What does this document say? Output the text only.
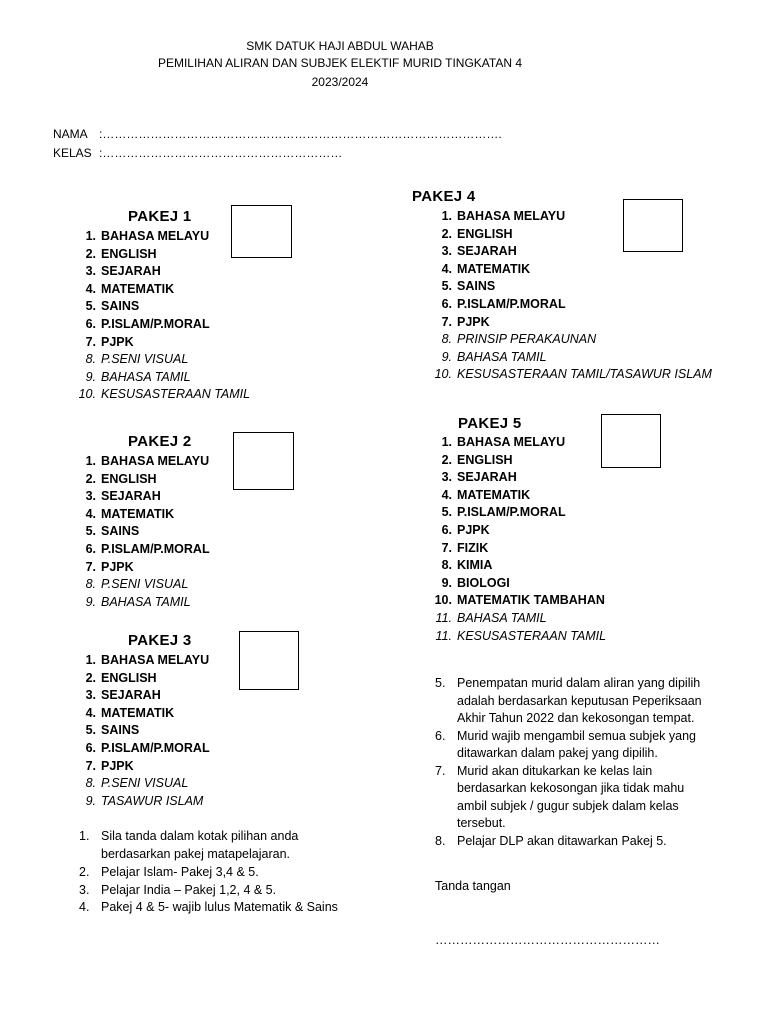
SMK DATUK HAJI ABDUL WAHAB
PEMILIHAN ALIRAN DAN SUBJEK ELEKTIF MURID TINGKATAN 4
2023/2024
NAMA :……………………………………………………………………………………….
KELAS :……………………………………………………
PAKEJ 1
1. BAHASA MELAYU
2. ENGLISH
3. SEJARAH
4. MATEMATIK
5. SAINS
6. P.ISLAM/P.MORAL
7. PJPK
8. P.SENI VISUAL
9. BAHASA TAMIL
10. KESUSASTERAAN TAMIL
PAKEJ 2
1. BAHASA MELAYU
2. ENGLISH
3. SEJARAH
4. MATEMATIK
5. SAINS
6. P.ISLAM/P.MORAL
7. PJPK
8. P.SENI VISUAL
9. BAHASA TAMIL
PAKEJ 3
1. BAHASA MELAYU
2. ENGLISH
3. SEJARAH
4. MATEMATIK
5. SAINS
6. P.ISLAM/P.MORAL
7. PJPK
8. P.SENI VISUAL
9. TASAWUR ISLAM
1. Sila tanda dalam kotak pilihan anda
berdasarkan pakej matapelajaran.
2. Pelajar Islam- Pakej 3,4 & 5.
3. Pelajar India – Pakej 1,2, 4 & 5.
4. Pakej 4 & 5- wajib lulus Matematik & Sains
PAKEJ 4
1. BAHASA MELAYU
2. ENGLISH
3. SEJARAH
4. MATEMATIK
5. SAINS
6. P.ISLAM/P.MORAL
7. PJPK
8. PRINSIP PERAKAUNAN
9. BAHASA TAMIL
10. KESUSASTERAAN TAMIL/TASAWUR ISLAM
PAKEJ 5
1. BAHASA MELAYU
2. ENGLISH
3. SEJARAH
4. MATEMATIK
5. P.ISLAM/P.MORAL
6. PJPK
7. FIZIK
8. KIMIA
9. BIOLOGI
10. MATEMATIK TAMBAHAN
11. BAHASA TAMIL
11. KESUSASTERAAN TAMIL
5. Penempatan murid dalam aliran yang dipilih
adalah berdasarkan keputusan Peperiksaan
Akhir Tahun 2022 dan kekosongan tempat.
6. Murid wajib mengambil semua subjek yang
ditawarkan dalam pakej yang dipilih.
7. Murid akan ditukarkan ke kelas lain
berdasarkan kekosongan jika tidak mahu
ambil subjek / gugur subjek dalam kelas
tersebut.
8. Pelajar DLP akan ditawarkan Pakej 5.
Tanda tangan
………………………………………………
